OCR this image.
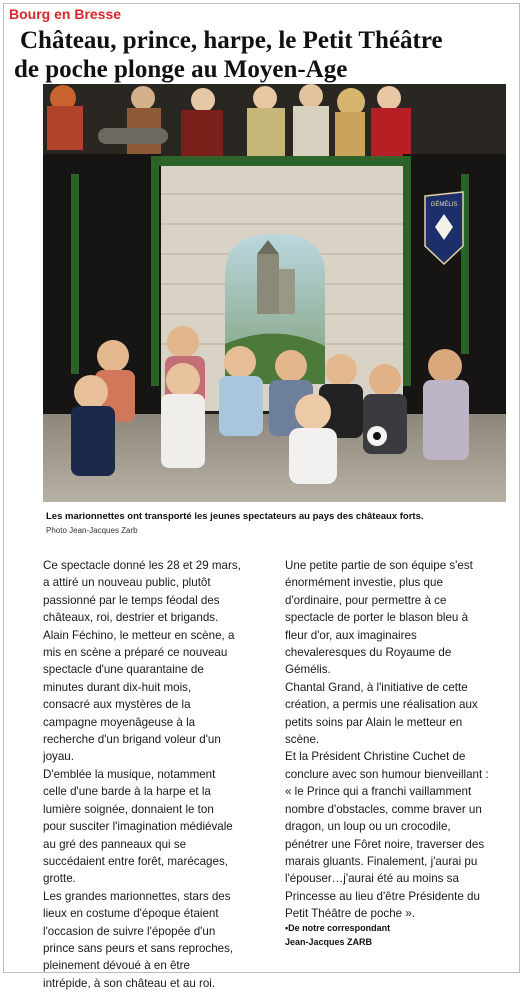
Bourg en Bresse
Château, prince, harpe, le Petit Théâtre
de poche plonge au Moyen-Age
GÉMÉLIS
Les marionnettes ont transporté les jeunes spectateurs au pays des châteaux forts.
Photo Jean-Jacques Zarb

Ce spectacle donné les 28 et 29 mars,

a attiré un nouveau public, plutôt

passionné par le temps féodal des

châteaux, roi, destrier et brigands.

Alain Féchino, le metteur en scène, a

mis en scène a préparé ce nouveau

spectacle d'une quarantaine de

minutes durant dix-huit mois,

consacré aux mystères de la

campagne moyenâgeuse à la

recherche d'un brigand voleur d'un

joyau.

D'emblée la musique, notamment

celle d'une barde à la harpe et la

lumière soignée, donnaient le ton

pour susciter l'imagination médiévale

au gré des panneaux qui se

succédaient entre forêt, marécages,

grotte.

Les grandes marionnettes, stars des

lieux en costume d'époque étaient

l'occasion de suivre l'épopée d'un

prince sans peurs et sans reproches,

pleinement dévoué à en être

intrépide, à son château et au roi.

Une petite partie de son équipe s'est

énormément investie, plus que

d'ordinaire, pour permettre à ce

spectacle de porter le blason bleu à

fleur d'or, aux imaginaires

chevaleresques du Royaume de

Gémélis.

Chantal Grand, à l'initiative de cette

création, a permis une réalisation aux

petits soins par Alain le metteur en

scène.

Et la Président Christine Cuchet de

conclure avec son humour bienveillant :

« le Prince qui a franchi vaillamment

nombre d'obstacles, comme braver un

dragon, un loup ou un crocodile,

pénétrer une Fôret noire, traverser des

marais gluants. Finalement, j'aurai pu

l'épouser…j'aurai été au moins sa

Princesse au lieu d'être Présidente du

Petit Théâtre de poche ».

•De notre correspondant
Jean-Jacques ZARB
